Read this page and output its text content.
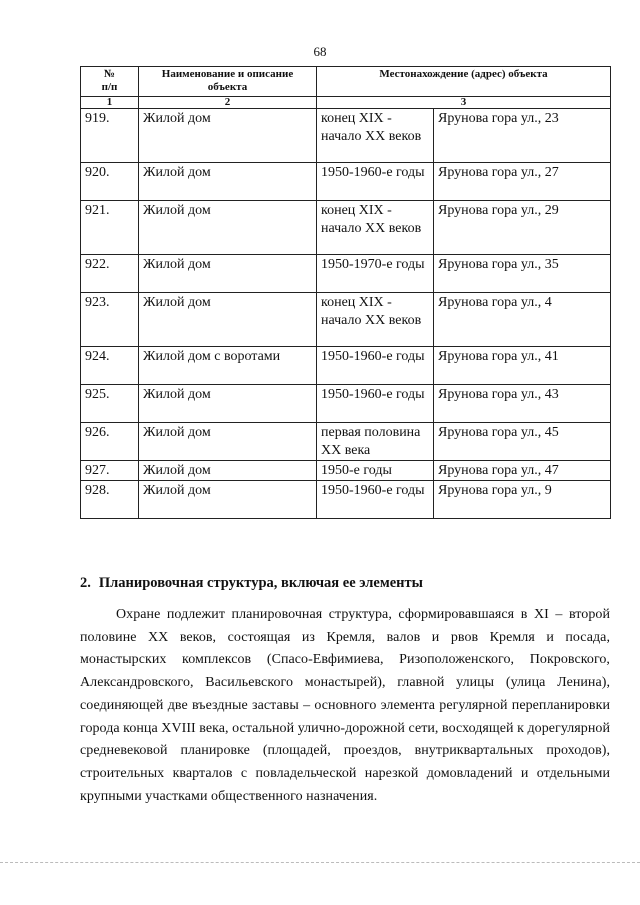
68
№
п/п	Наименование и описание объекта	Местонахождение (адрес) объекта	
1	2	3	
919.	Жилой дом	конец XIX - начало XX веков	Ярунова гора ул., 23
920.	Жилой дом	1950-1960-е годы	Ярунова гора ул., 27
921.	Жилой дом	конец XIX - начало XX веков	Ярунова гора ул., 29
922.	Жилой дом	1950-1970-е годы	Ярунова гора ул., 35
923.	Жилой дом	конец XIX - начало XX веков	Ярунова гора ул., 4
924.	Жилой дом с воротами	1950-1960-е годы	Ярунова гора ул., 41
925.	Жилой дом	1950-1960-е годы	Ярунова гора ул., 43
926.	Жилой дом	первая половина XX века	Ярунова гора ул., 45
927.	Жилой дом	1950-е годы	Ярунова гора ул., 47
928.	Жилой дом	1950-1960-е годы	Ярунова гора ул., 9

2. Планировочная структура, включая ее элементы

Охране подлежит планировочная структура, сформировавшаяся в XI – второй половине XX веков, состоящая из Кремля, валов и рвов Кремля и посада, монастырских комплексов (Спасо-Евфимиева, Ризоположенского, Покровского, Александровского, Васильевского монастырей), главной улицы (улица Ленина), соединяющей две въездные заставы – основного элемента регулярной перепланировки города конца XVIII века, остальной улично-дорожной сети, восходящей к дорегулярной средневековой планировке (площадей, проездов, внутриквартальных проходов), строительных кварталов с повладельческой нарезкой домовладений и отдельными крупными участками общественного назначения.
